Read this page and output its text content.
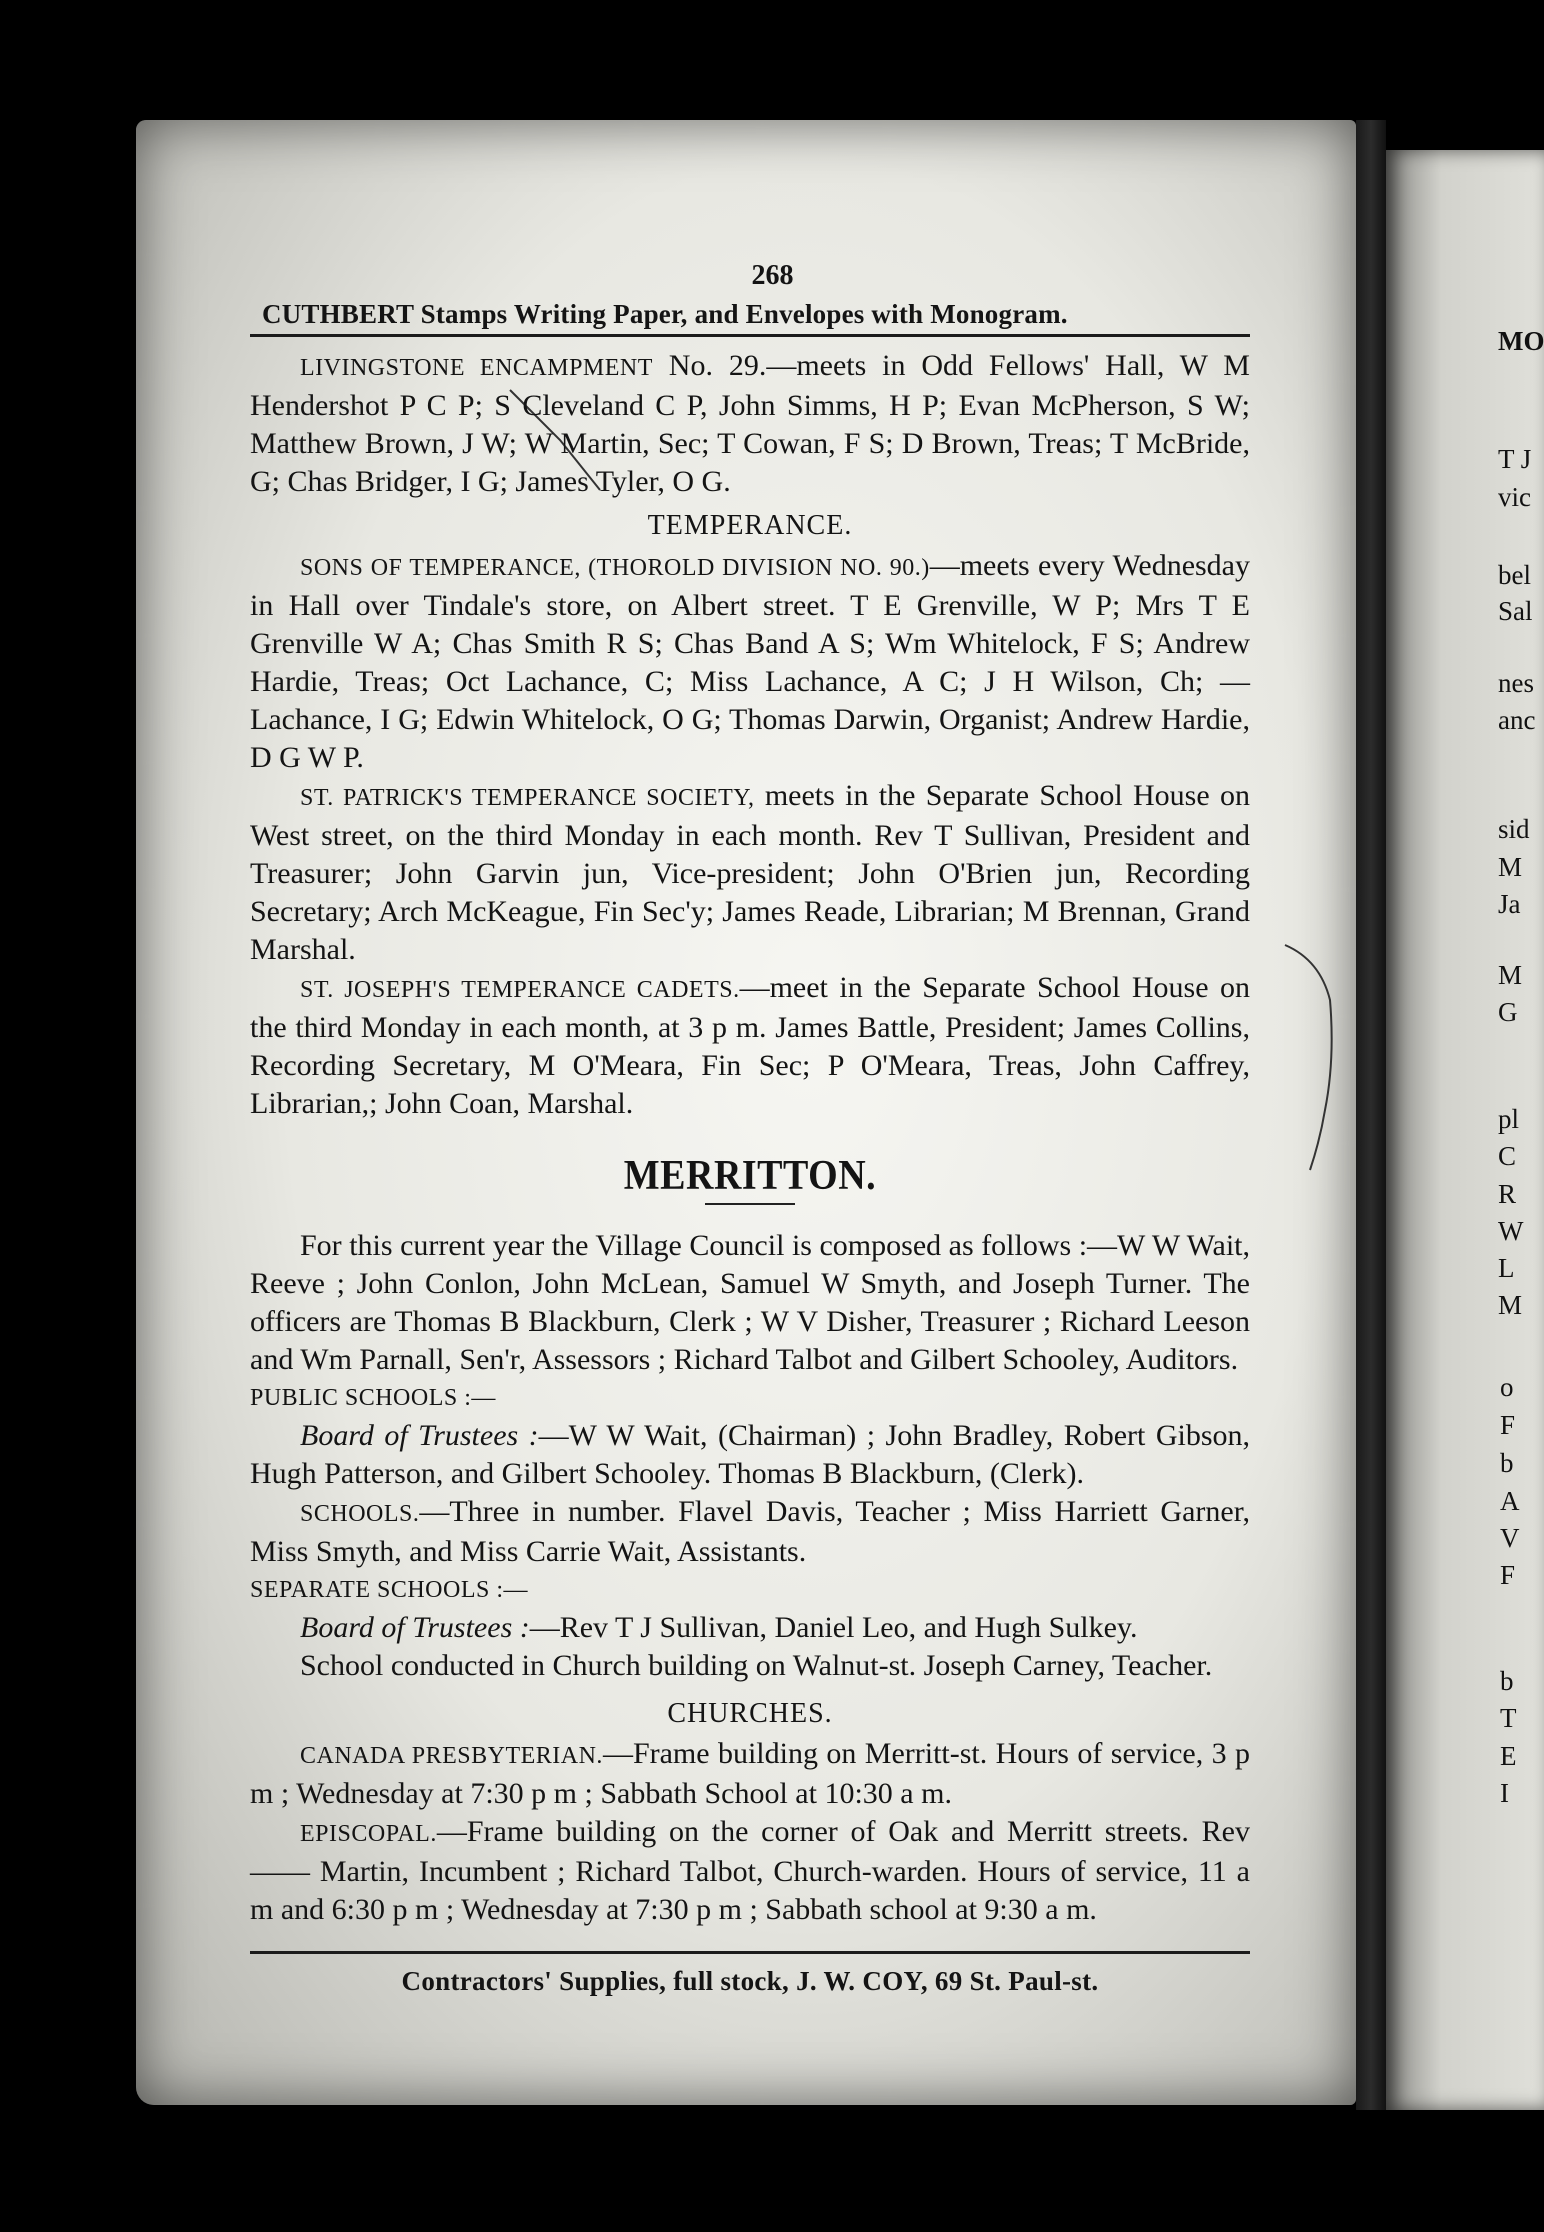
MO
T J
vic
bel
Sal
nes
anc
sid
M
Ja
M
G
pl
C
R
W
L
M
o
F
b
A
V
F
b
T
E
I
268
CUTHBERT Stamps Writing Paper, and Envelopes with Monogram.

LIVINGSTONE ENCAMPMENT No. 29.—meets in Odd Fellows' Hall, W M Hendershot P C P; S Cleveland C P, John Simms, H P; Evan McPherson, S W; Matthew Brown, J W; W Martin, Sec; T Cowan, F S; D Brown, Treas; T McBride, G; Chas Bridger, I G; James Tyler, O G.

TEMPERANCE.

SONS OF TEMPERANCE, (THOROLD DIVISION NO. 90.)—meets every Wednesday in Hall over Tindale's store, on Albert street. T E Grenville, W P; Mrs T E Grenville W A; Chas Smith R S; Chas Band A S; Wm Whitelock, F S; Andrew Hardie, Treas; Oct Lachance, C; Miss Lachance, A C; J H Wilson, Ch; — Lachance, I G; Edwin Whitelock, O G; Thomas Darwin, Organist; Andrew Hardie, D G W P.

ST. PATRICK'S TEMPERANCE SOCIETY, meets in the Separate School House on West street, on the third Monday in each month. Rev T Sullivan, President and Treasurer; John Garvin jun, Vice-president; John O'Brien jun, Recording Secretary; Arch McKeague, Fin Sec'y; James Reade, Librarian; M Brennan, Grand Marshal.

ST. JOSEPH'S TEMPERANCE CADETS.—meet in the Separate School House on the third Monday in each month, at 3 p m. James Battle, President; James Collins, Recording Secretary, M O'Meara, Fin Sec; P O'Meara, Treas, John Caffrey, Librarian,; John Coan, Marshal.

MERRITTON.

For this current year the Village Council is composed as follows :—W W Wait, Reeve ; John Conlon, John McLean, Samuel W Smyth, and Joseph Turner. The officers are Thomas B Blackburn, Clerk ; W V Disher, Treasurer ; Richard Leeson and Wm Parnall, Sen'r, Assessors ; Richard Talbot and Gilbert Schooley, Auditors.

PUBLIC SCHOOLS :—

Board of Trustees :—W W Wait, (Chairman) ; John Bradley, Robert Gibson, Hugh Patterson, and Gilbert Schooley. Thomas B Blackburn, (Clerk).

SCHOOLS.—Three in number. Flavel Davis, Teacher ; Miss Harriett Garner, Miss Smyth, and Miss Carrie Wait, Assistants.

SEPARATE SCHOOLS :—

Board of Trustees :—Rev T J Sullivan, Daniel Leo, and Hugh Sulkey.

School conducted in Church building on Walnut-st. Joseph Carney, Teacher.

CHURCHES.

CANADA PRESBYTERIAN.—Frame building on Merritt-st. Hours of service, 3 p m ; Wednesday at 7:30 p m ; Sabbath School at 10:30 a m.

EPISCOPAL.—Frame building on the corner of Oak and Merritt streets. Rev —— Martin, Incumbent ; Richard Talbot, Church-warden. Hours of service, 11 a m and 6:30 p m ; Wednesday at 7:30 p m ; Sabbath school at 9:30 a m.

Contractors' Supplies, full stock, J. W. COY, 69 St. Paul-st.
